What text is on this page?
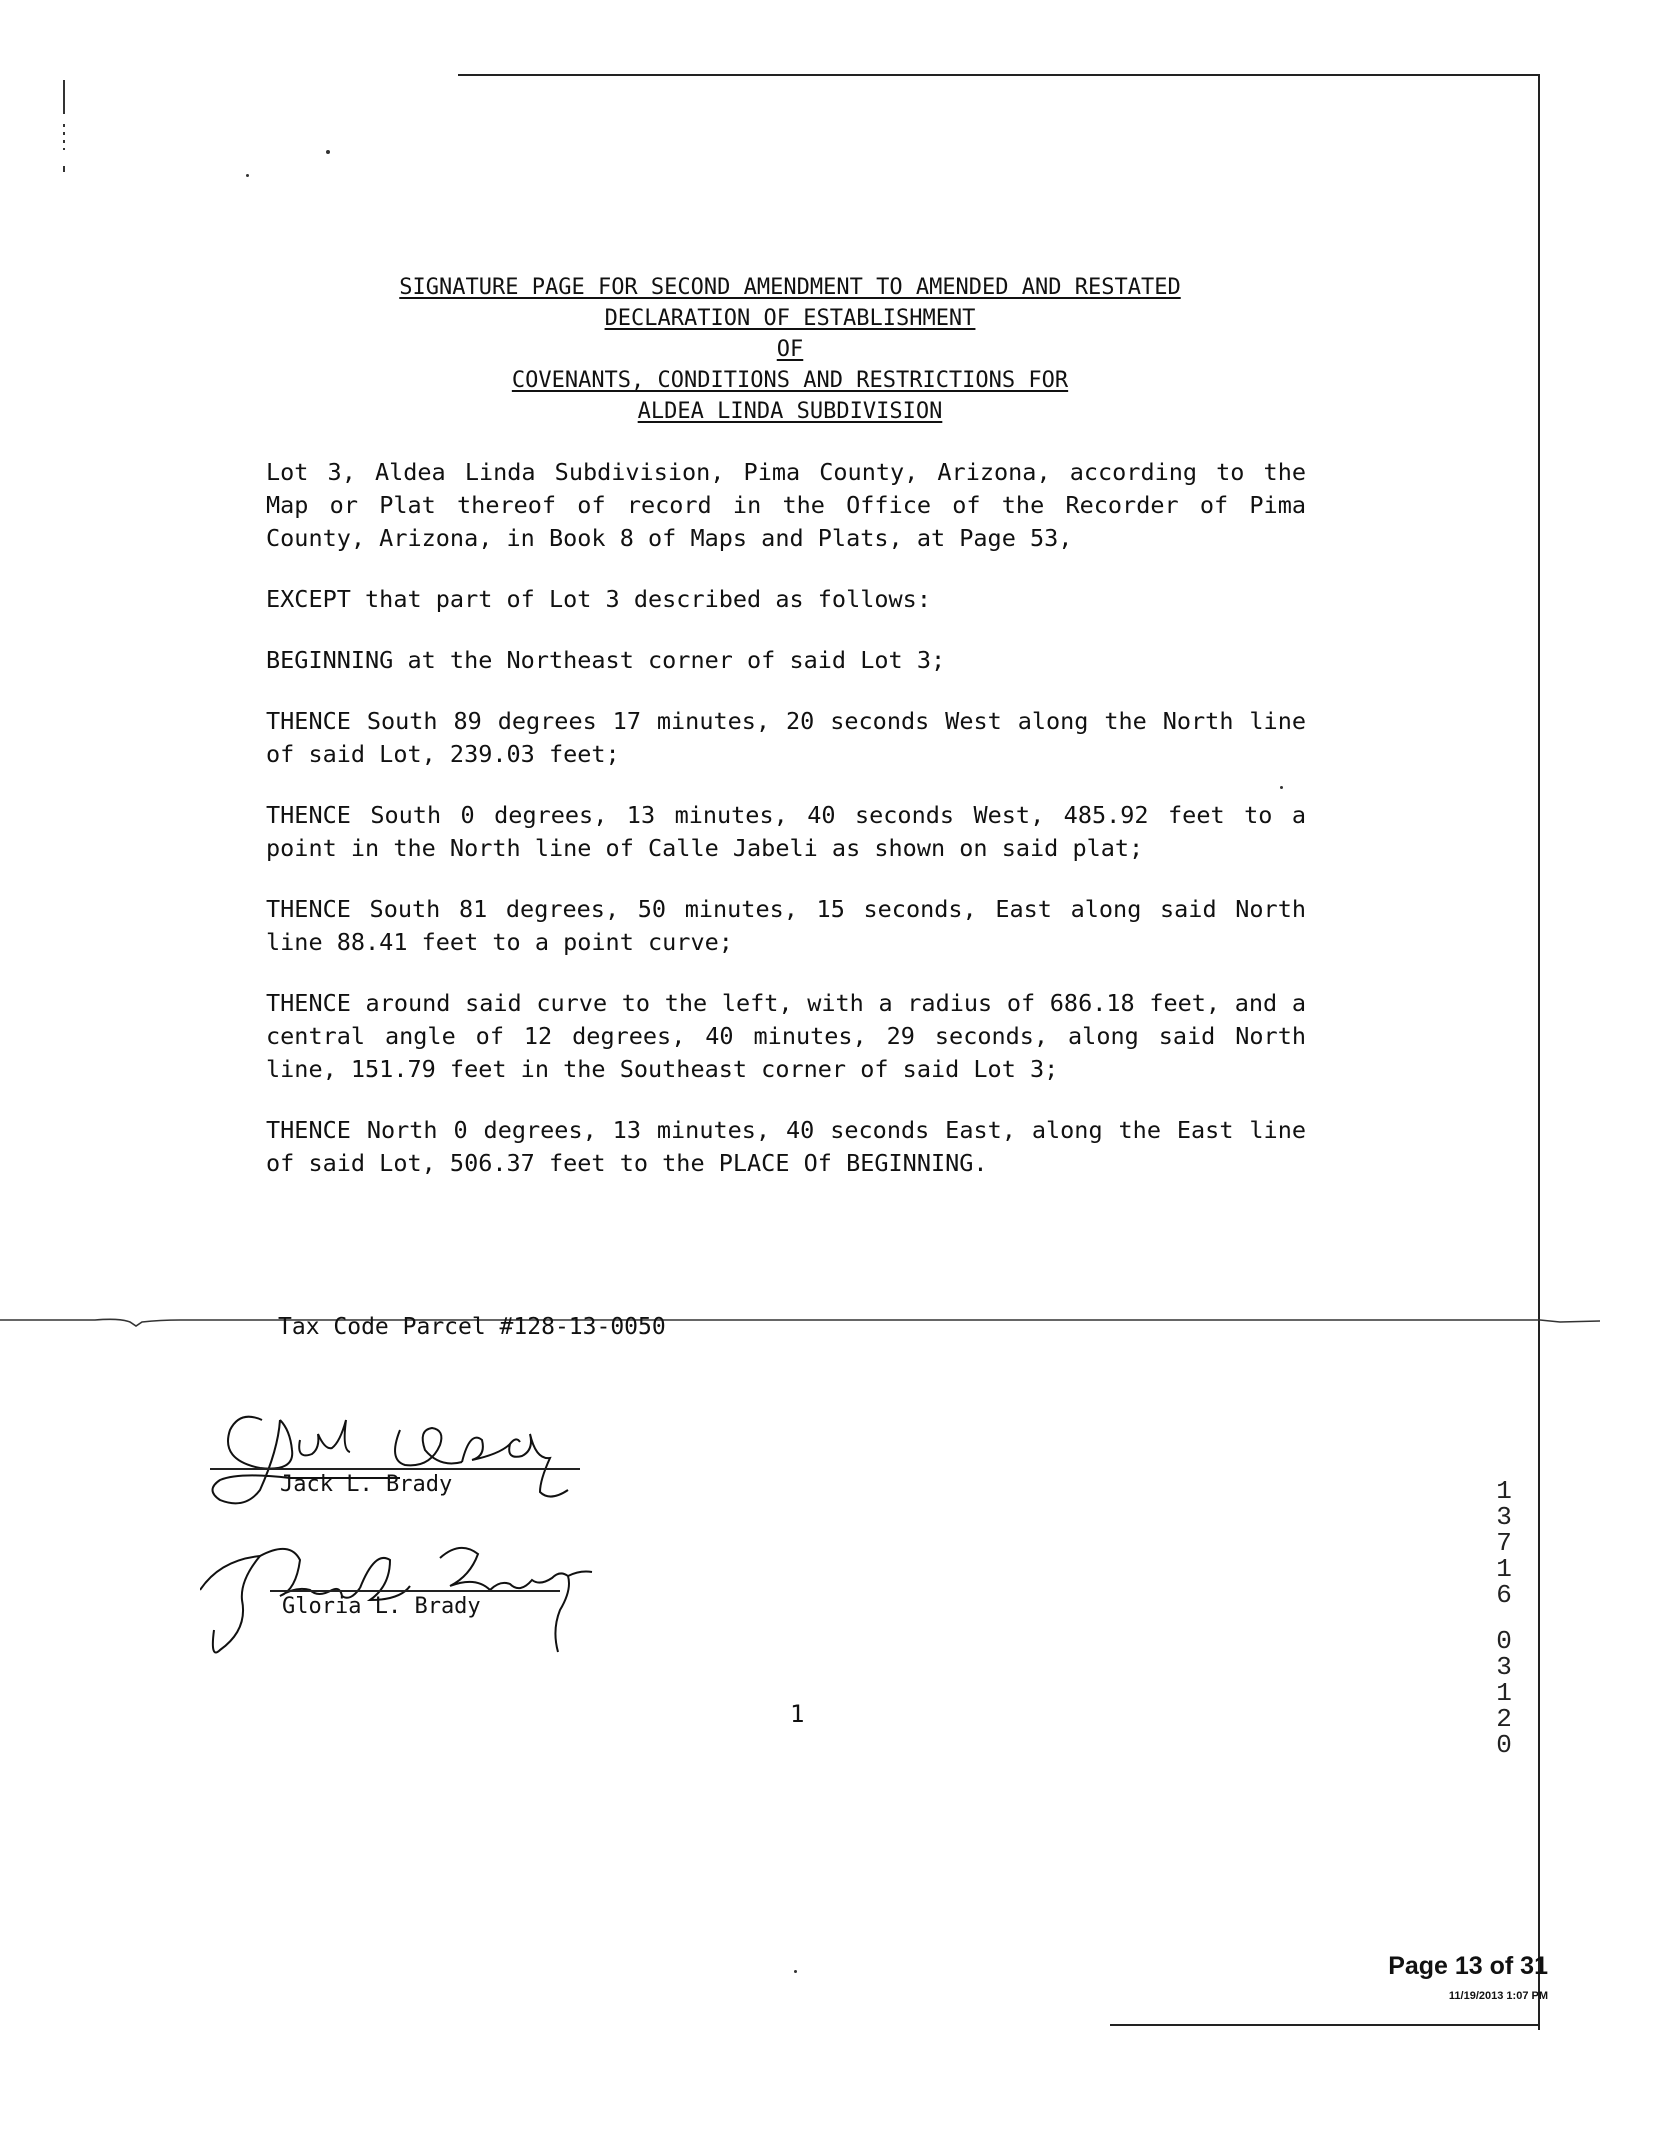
SIGNATURE PAGE FOR SECOND AMENDMENT TO AMENDED AND RESTATED
DECLARATION OF ESTABLISHMENT
OF
COVENANTS, CONDITIONS AND RESTRICTIONS FOR
ALDEA LINDA SUBDIVISION

Lot 3, Aldea Linda Subdivision, Pima County, Arizona, according to the Map or Plat thereof of record in the Office of the Recorder of Pima County, Arizona, in Book 8 of Maps and Plats, at Page 53,

EXCEPT that part of Lot 3 described as follows:

BEGINNING at the Northeast corner of said Lot 3;

THENCE South 89 degrees 17 minutes, 20 seconds West along the North line of said Lot, 239.03 feet;

THENCE South 0 degrees, 13 minutes, 40 seconds West, 485.92 feet to a point in the North line of Calle Jabeli as shown on said plat;

THENCE South 81 degrees, 50 minutes, 15 seconds, East along said North line 88.41 feet to a point curve;

THENCE around said curve to the left, with a radius of 686.18 feet, and a central angle of 12 degrees, 40 minutes, 29 seconds, along said North line, 151.79 feet in the Southeast corner of said Lot 3;

THENCE North 0 degrees, 13 minutes, 40 seconds East, along the East line of said Lot, 506.37 feet to the PLACE Of BEGINNING.

Tax Code Parcel #128-13-0050
Jack L. Brady
Gloria L. Brady
1
1
3
7
1
6
0
3
1
2
0
Page 13 of 31
11/19/2013 1:07 PM
